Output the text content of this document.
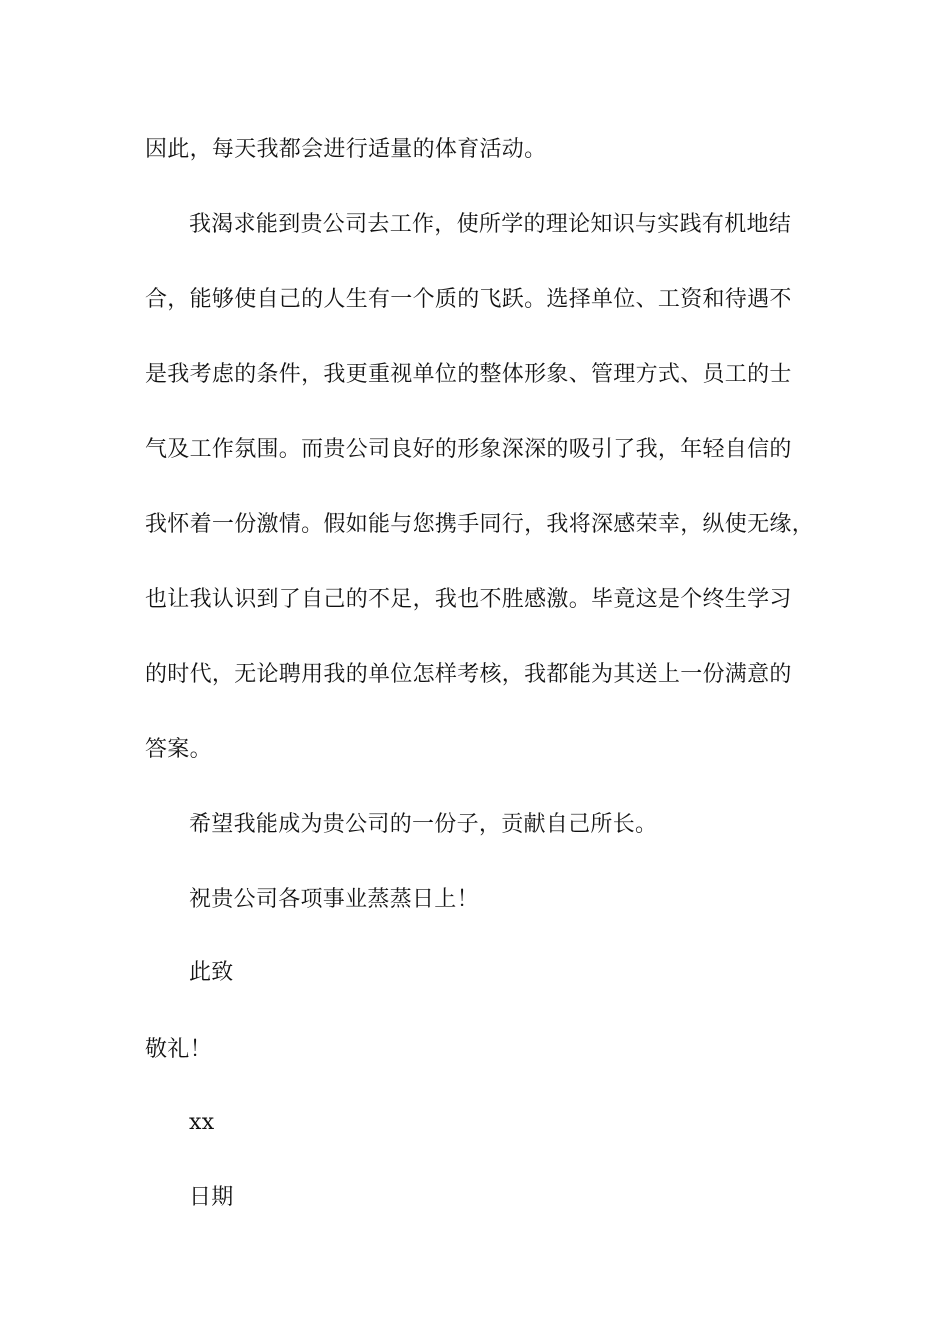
因此，每天我都会进行适量的体育活动。
我渴求能到贵公司去工作，使所学的理论知识与实践有机地结
合，能够使自己的人生有一个质的飞跃。选择单位、工资和待遇不
是我考虑的条件，我更重视单位的整体形象、管理方式、员工的士
气及工作氛围。而贵公司良好的形象深深的吸引了我，年轻自信的
我怀着一份激情。假如能与您携手同行，我将深感荣幸，纵使无缘，
也让我认识到了自己的不足，我也不胜感激。毕竟这是个终生学习
的时代，无论聘用我的单位怎样考核，我都能为其送上一份满意的
答案。
希望我能成为贵公司的一份子，贡献自己所长。
祝贵公司各项事业蒸蒸日上！
此致
敬礼！
xx
日期
